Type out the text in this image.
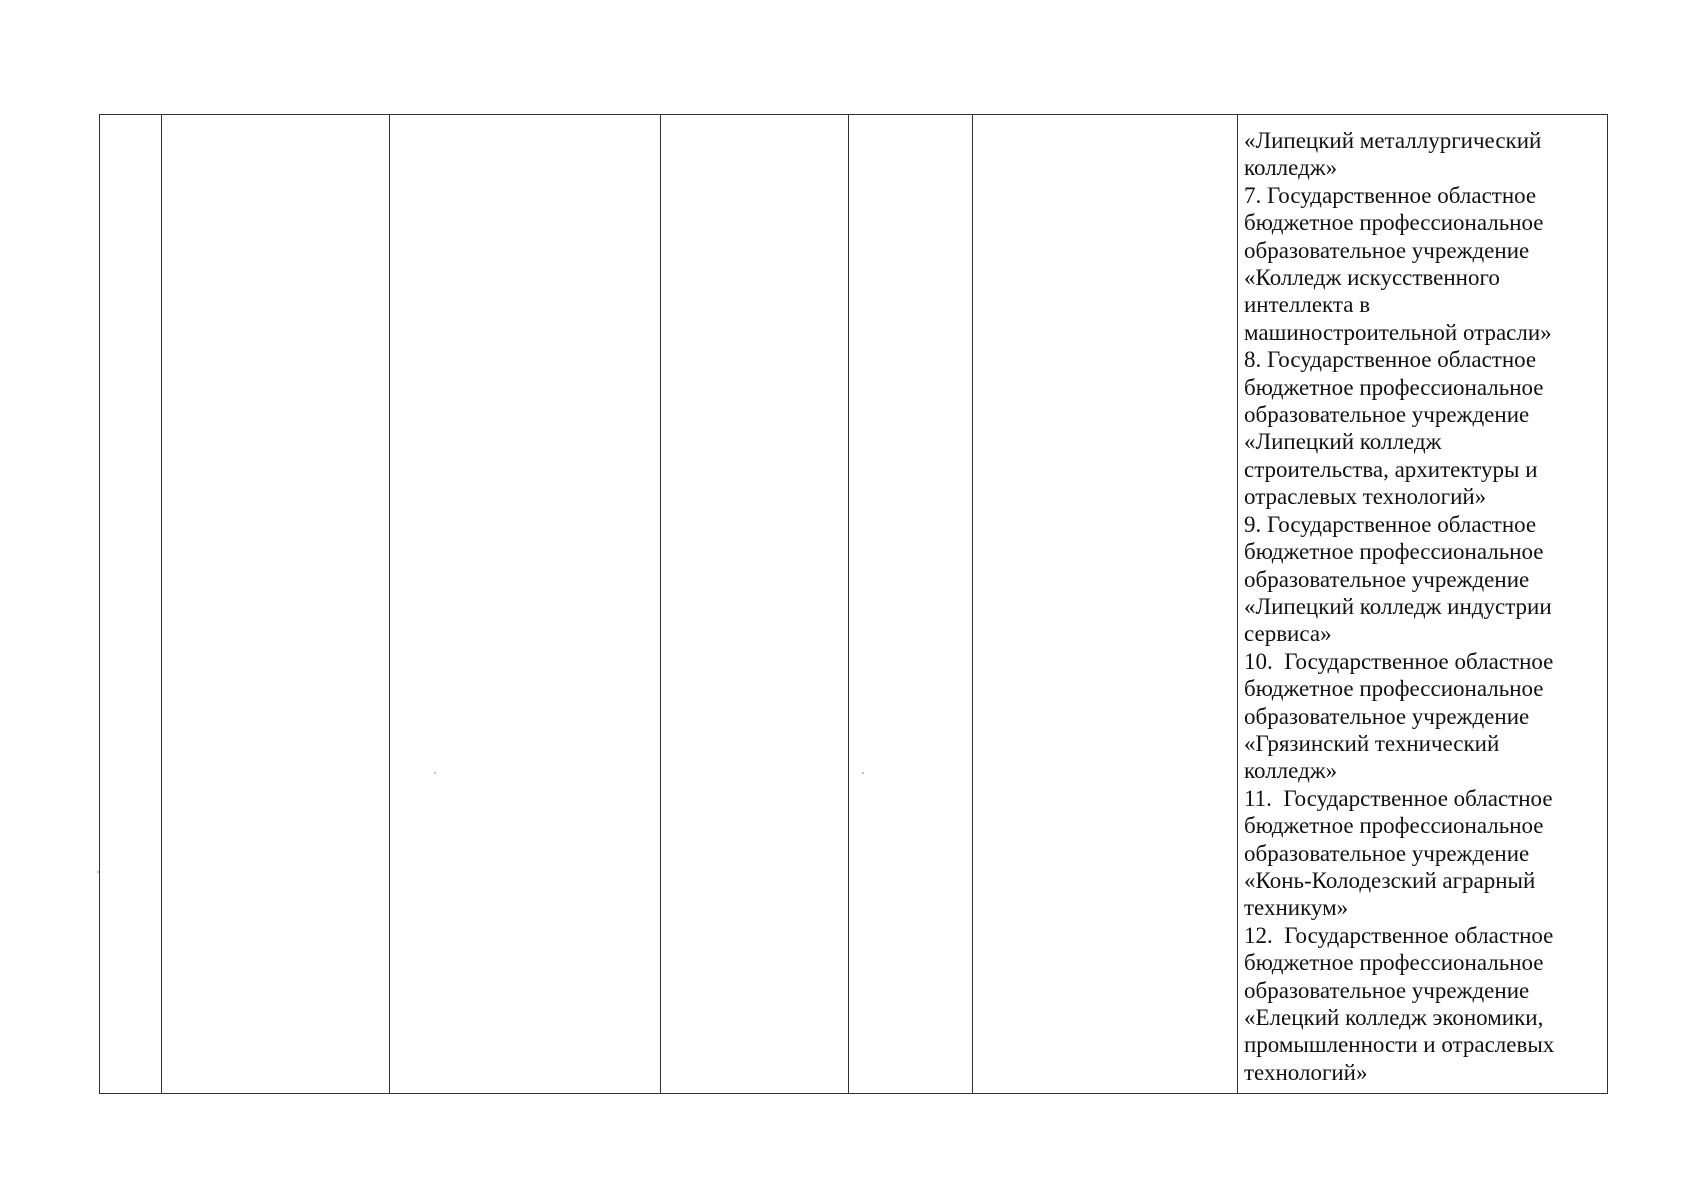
«Липецкий металлургический
колледж»
7. Государственное областное
бюджетное профессиональное
образовательное учреждение
«Колледж искусственного
интеллекта в
машиностроительной отрасли»
8. Государственное областное
бюджетное профессиональное
образовательное учреждение
«Липецкий колледж
строительства, архитектуры и
отраслевых технологий»
9. Государственное областное
бюджетное профессиональное
образовательное учреждение
«Липецкий колледж индустрии
сервиса»
10.  Государственное областное
бюджетное профессиональное
образовательное учреждение
«Грязинский технический
колледж»
11.  Государственное областное
бюджетное профессиональное
образовательное учреждение
«Конь-Колодезский аграрный
техникум»
12.  Государственное областное
бюджетное профессиональное
образовательное учреждение
«Елецкий колледж экономики,
промышленности и отраслевых
технологий»
